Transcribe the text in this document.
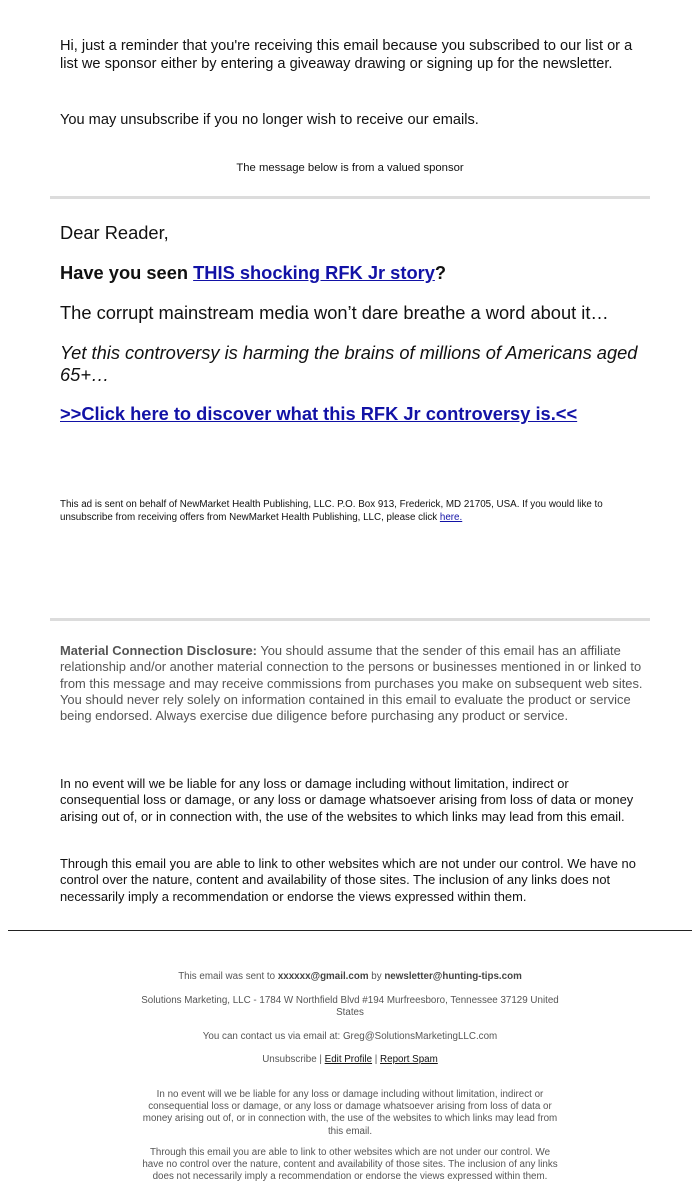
Hi, just a reminder that you're receiving this email because you subscribed to our list or a list we sponsor either by entering a giveaway drawing or signing up for the newsletter.

You may unsubscribe if you no longer wish to receive our emails.

The message below is from a valued sponsor

Dear Reader,

Have you seen THIS shocking RFK Jr story?

The corrupt mainstream media won’t dare breathe a word about it…

Yet this controversy is harming the brains of millions of Americans aged 65+…

>>Click here to discover what this RFK Jr controversy is.<<

This ad is sent on behalf of NewMarket Health Publishing, LLC. P.O. Box 913, Frederick, MD 21705, USA. If you would like to unsubscribe from receiving offers from NewMarket Health Publishing, LLC, please click here.

Material Connection Disclosure: You should assume that the sender of this email has an affiliate relationship and/or another material connection to the persons or businesses mentioned in or linked to from this message and may receive commissions from purchases you make on subsequent web sites. You should never rely solely on information contained in this email to evaluate the product or service being endorsed. Always exercise due diligence before purchasing any product or service.

In no event will we be liable for any loss or damage including without limitation, indirect or consequential loss or damage, or any loss or damage whatsoever arising from loss of data or money arising out of, or in connection with, the use of the websites to which links may lead from this email.

Through this email you are able to link to other websites which are not under our control. We have no control over the nature, content and availability of those sites. The inclusion of any links does not necessarily imply a recommendation or endorse the views expressed within them.

This email was sent to xxxxxx@gmail.com by newsletter@hunting-tips.com

Solutions Marketing, LLC - 1784 W Northfield Blvd #194 Murfreesboro, Tennessee 37129 United States

You can contact us via email at: Greg@SolutionsMarketingLLC.com

Unsubscribe | Edit Profile | Report Spam

In no event will we be liable for any loss or damage including without limitation, indirect or consequential loss or damage, or any loss or damage whatsoever arising from loss of data or money arising out of, or in connection with, the use of the websites to which links may lead from this email.

Through this email you are able to link to other websites which are not under our control. We have no control over the nature, content and availability of those sites. The inclusion of any links does not necessarily imply a recommendation or endorse the views expressed within them.
